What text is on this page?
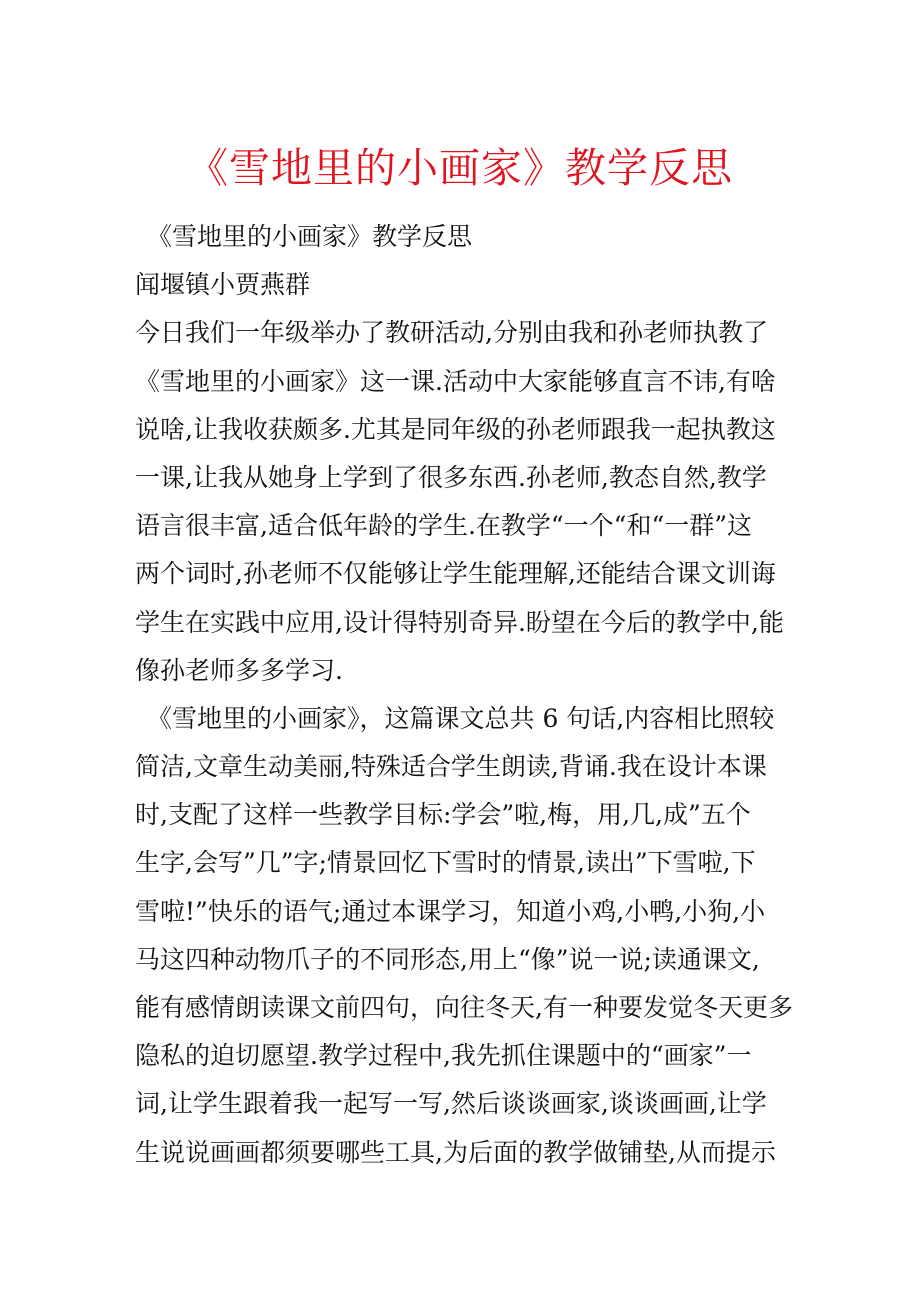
《雪地里的小画家》教学反思
《雪地里的小画家》教学反思
闻堰镇小贾燕群
今日我们一年级举办了教研活动,分别由我和孙老师执教了
《雪地里的小画家》这一课.活动中大家能够直言不讳,有啥
说啥,让我收获颇多.尤其是同年级的孙老师跟我一起执教这
一课,让我从她身上学到了很多东西.孙老师,教态自然,教学
语言很丰富,适合低年龄的学生.在教学“一个“和“一群”这
两个词时,孙老师不仅能够让学生能理解,还能结合课文训诲
学生在实践中应用,设计得特别奇异.盼望在今后的教学中,能
像孙老师多多学习.
《雪地里的小画家》，这篇课文总共 6 句话,内容相比照较
简洁,文章生动美丽,特殊适合学生朗读,背诵.我在设计本课
时,支配了这样一些教学目标:学会”啦,梅，用,几,成”五个
生字,会写”几”字;情景回忆下雪时的情景,读出”下雪啦,下
雪啦!”快乐的语气;通过本课学习，知道小鸡,小鸭,小狗,小
马这四种动物爪子的不同形态,用上“像”说一说;读通课文,
能有感情朗读课文前四句，向往冬天,有一种要发觉冬天更多
隐私的迫切愿望.教学过程中,我先抓住课题中的“画家”一
词,让学生跟着我一起写一写,然后谈谈画家,谈谈画画,让学
生说说画画都须要哪些工具,为后面的教学做铺垫,从而提示
